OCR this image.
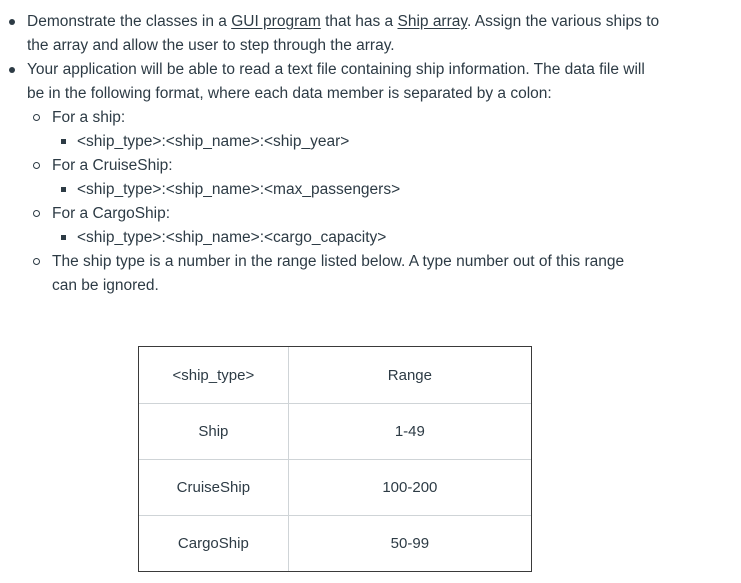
Demonstrate the classes in a GUI program that has a Ship array. Assign the various ships to
the array and allow the user to step through the array.
Your application will be able to read a text file containing ship information. The data file will
be in the following format, where each data member is separated by a colon:
For a ship:
<ship_type>:<ship_name>:<ship_year>
For a CruiseShip:
<ship_type>:<ship_name>:<max_passengers>
For a CargoShip:
<ship_type>:<ship_name>:<cargo_capacity>
The ship type is a number in the range listed below. A type number out of this range
can be ignored.
<ship_type>	Range
Ship	1-49
CruiseShip	100-200
CargoShip	50-99
